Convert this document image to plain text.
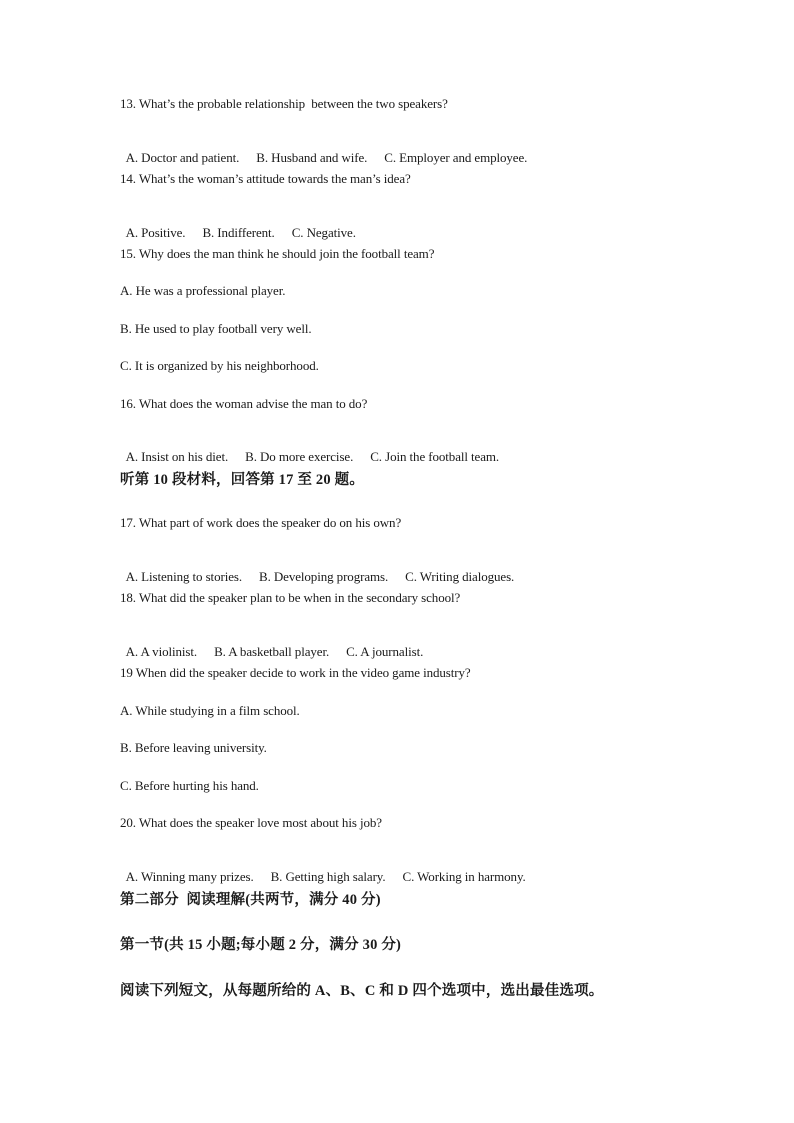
13. What’s the probable relationship  between the two speakers?

A. Doctor and patient. B. Husband and wife. C. Employer and employee.

14. What’s the woman’s attitude towards the man’s idea?

A. Positive. B. Indifferent. C. Negative.

15. Why does the man think he should join the football team?
A. He was a professional player.
B. He used to play football very well.
C. It is organized by his neighborhood.
16. What does the woman advise the man to do?

A. Insist on his diet. B. Do more exercise. C. Join the football team.

听第 10 段材料，回答第 17 至 20 题。
17. What part of work does the speaker do on his own?

A. Listening to stories. B. Developing programs. C. Writing dialogues.

18. What did the speaker plan to be when in the secondary school?

A. A violinist. B. A basketball player. C. A journalist.

19 When did the speaker decide to work in the video game industry?
A. While studying in a film school.
B. Before leaving university.
C. Before hurting his hand.
20. What does the speaker love most about his job?

A. Winning many prizes. B. Getting high salary. C. Working in harmony.

第二部分  阅读理解(共两节，满分 40 分)
第一节(共 15 小题;每小题 2 分，满分 30 分)
阅读下列短文，从每题所给的 A、B、C 和 D 四个选项中，选出最佳选项。
